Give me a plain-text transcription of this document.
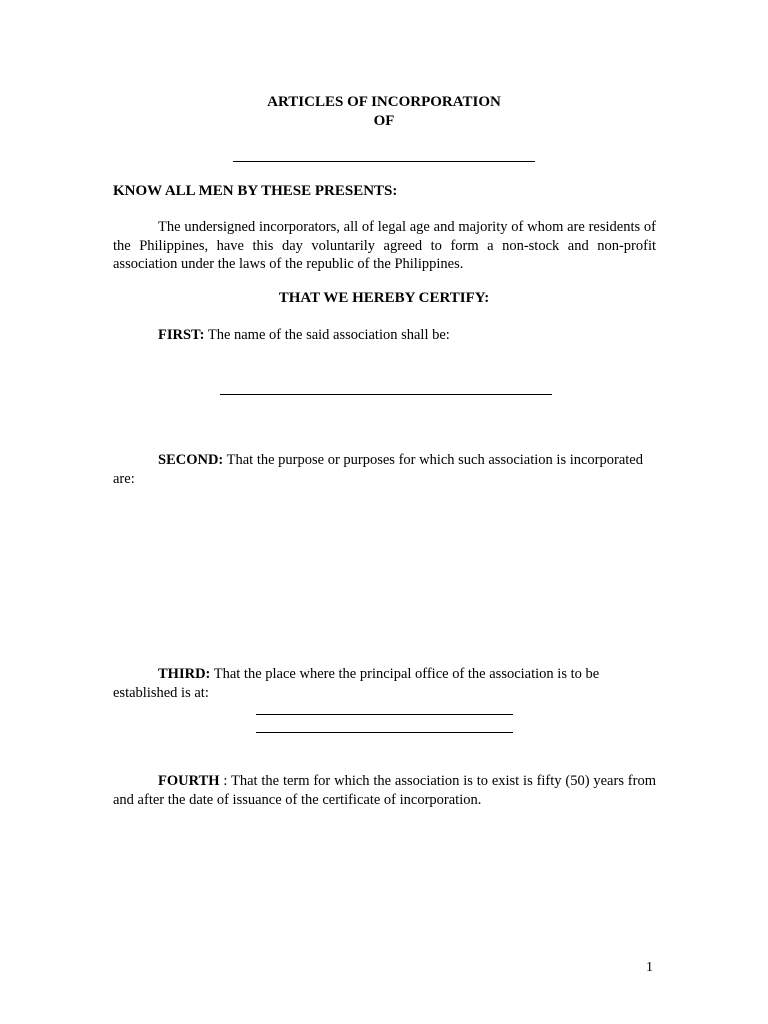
ARTICLES OF INCORPORATION
OF
KNOW ALL MEN BY THESE PRESENTS:

The undersigned incorporators, all of legal age and majority of whom are residents of the Philippines, have this day voluntarily agreed to form a non-stock and non-profit association under the laws of the republic of the Philippines.

THAT WE HEREBY CERTIFY:

FIRST: The name of the said association shall be:

SECOND: That the purpose or purposes for which such association is incorporated are:

THIRD: That the place where the principal office of the association is to be established is at:

FOURTH : That the term for which the association is to exist is fifty (50) years from and after the date of issuance of the certificate of incorporation.

1
